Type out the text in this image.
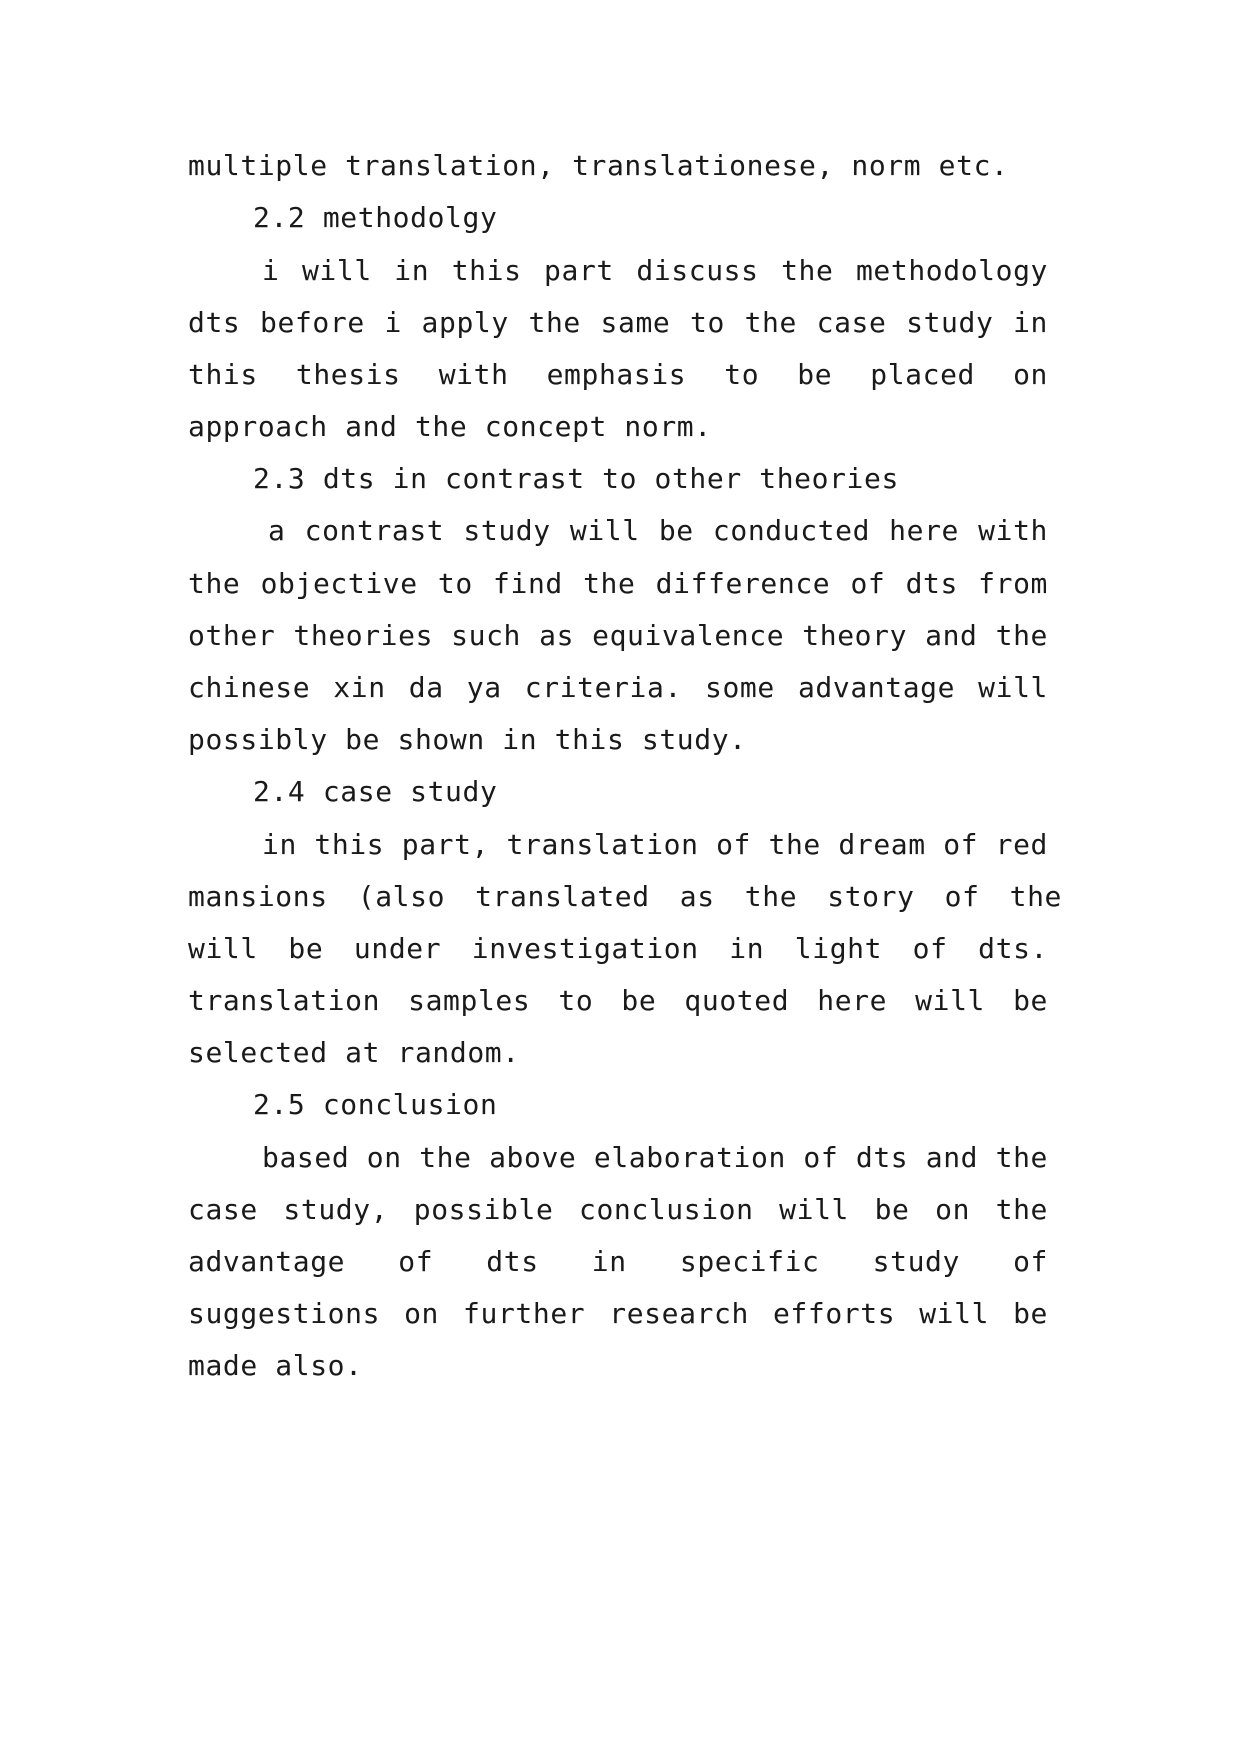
multiple translation, translationese, norm etc.
2.2 methodolgy
i will in this part discuss the methodology
dts before i apply the same to the case study in
this thesis with emphasis to be placed on
approach and the concept norm.
2.3 dts in contrast to other theories
a contrast study will be conducted here with
the objective to find the difference of dts from
other theories such as equivalence theory and the
chinese xin da ya criteria. some advantage will
possibly be shown in this study.
2.4 case study
in this part, translation of the dream of red
mansions (also translated as the story of the
will be under investigation in light of dts.
translation samples to be quoted here will be
selected at random.
2.5 conclusion
based on the above elaboration of dts and the
case study, possible conclusion will be on the
advantage of dts in specific study of
suggestions on further research efforts will be
made also.
